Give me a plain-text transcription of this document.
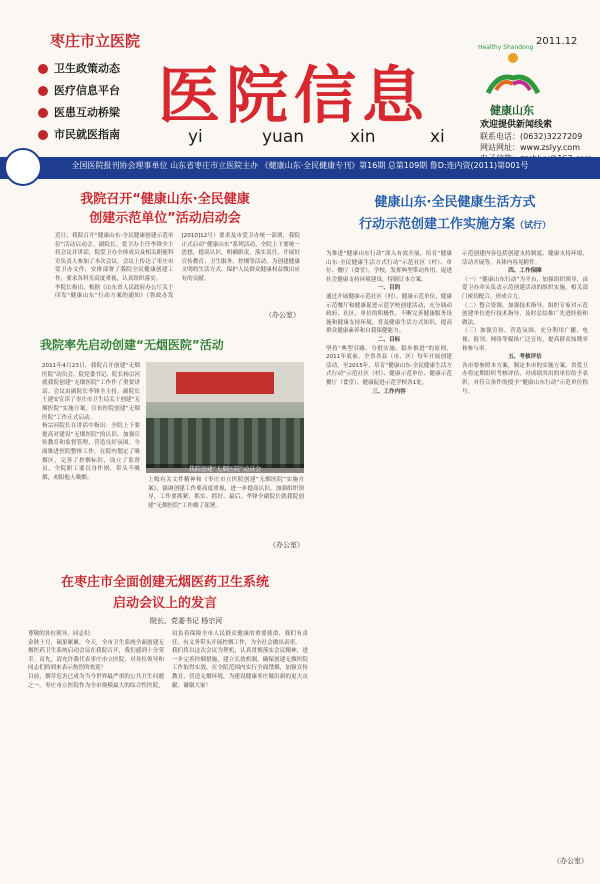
枣庄市立医院
卫生政策动态
医疗信息平台
医患互动桥梁
市民就医指南
医院信息
yi	yuan	xin	xi
2011.12
健康山东
Healthy Shandong
欢迎提供新闻线索
联系电话：(0632)3227209
网站网址：www.zslyy.com
全国医院报刊协会理事单位 山东省枣庄市立医院主办 《健康山东·全民健康专刊》第16期 总第109期 鲁D:连内资(2011)第001号
我院召开“健康山东·全民健康
创建示范单位”活动启动会

近日，我院召开“健康山东·全民健康创建示范单位”活动启动会。副院长、爱卫办主任李锋全主持会议并讲话。院爱卫办全体成员及相关职能科室负责人参加了本次会议。会议上传达了枣庄市爱卫办文件，安排部署了我院全民健康创建工作，要求各科室高度重视，认真组织落实。

李院长指出，根据《山东省人民政府办公厅关于印发“健康山东”行动方案的通知》（鲁政办发[2010]12号）要求及市爱卫办统一部署，我院正式启动“健康山东”系列活动。全院上下要统一思想，提高认识，明确职责，落实责任，开展好宣传教育、卫生服务、控烟等活动，为创建健康文明的生活方式、保护人民群众健康权益做出应有的贡献。

（办公室）
我院率先启动创建“无烟医院”活动

2011年4月23日，我院召开创建“无烟医院”动员会。院党委书记、院长杨宗河就我院创建“无烟医院”工作作了重要讲话。会议由副院长李锋全主持。副院长王建安宣读了枣庄市卫生局关于创建“无烟医院”实施方案，宣布医院创建“无烟医院”工作正式启动。

杨宗河院长在讲话中指出：全院上下要提高对建设“无烟医院”的认识，加强宣传教育和监督管理，营造良好氛围。全面推进医院整体工作，在院内划定了吸烟区，完善了控烟标识，设立了监督员，全院职工要以身作则，带头不吸烟，劝阻他人吸烟。

我院创建“无烟医院”动员会

上级有关文件精神和《枣庄市立医院创建“无烟医院”实施方案》，强调创建工作要高度重视，进一步提高认识，加强组织领导，工作要抓紧、抓实、抓好。最后，李锋全副院长就我院创建“无烟医院”工作做了部署。

（办公室）
在枣庄市全面创建无烟医药卫生系统
启动会议上的发言
院长、党委书记 杨宗河

尊敬的各位领导、同志们：

金秋十月，硕果累累。今天，全市卫生系统全面创建无烟医药卫生系统启动会议在我院召开，我们感到十分荣幸。首先，请允许我代表枣庄市立医院，对各位领导和同志们的到来表示热烈的欢迎！

目前，烟草危害已成为当今世界最严重的公共卫生问题之一。枣庄市立医院作为全市规模最大的综合性医院，肩负着保障全市人民群众健康的重要使命，我们有责任、有义务带头开展控烟工作，为全社会做出表率。

我们将以这次会议为契机，认真贯彻落实会议精神，进一步完善控烟措施，建立长效机制，确保创建无烟医院工作取得实效。在全院范围内实行全面禁烟，加强宣传教育，营造无烟环境，为建设健康枣庄做出新的更大贡献。谢谢大家！

健康山东·全民健康生活方式
行动示范创建工作实施方案（试行）

为推进“健康山东行动”深入有效开展，培育“健康山东·全民健康生活方式行动”示范社区（村）、单位、餐厅（食堂），学校，发挥典型带动作用，促进社会健康支持环境建设，特制订本方案。

一、目的

通过开展健康示范社区（村）、健康示范单位、健康示范餐厅和健康促进示范学校创建活动，充分调动政府、社区、单位的积极性，不断完善健康服务设施和健康支持环境，普及健康生活方式知识，提高群众健康素养和自我保健能力。

二、目标

坚持“典型引路、分批实施、稳步推进”的原则，2011年底前，全省各县（市、区）每年开展创建活动，至2015年，培育“健康山东·全民健康生活方式行动”示范社区（村）、健康示范单位、健康示范餐厅（食堂）、健康促进示范学校各1处。

三、工作内容

示范创建内容包括创建支持制度、健康支持环境、活动开展等，具体内容见附件。

四、工作保障

（一）“健康山东行动”为平台，加强组织领导，由爱卫办牵头负责示范创建活动的组织实施，相关部门密切配合，形成合力。

（二）整合资源，加强技术指导。组织专家对示范创建单位进行技术指导，及时总结推广先进经验和做法。

（三）加强宣传，营造氛围。充分利用广播、电视、报刊、网络等媒体广泛宣传，提高群众知晓率和参与率。

五、考核评估

各市要参照本方案，制定本市的实施方案。省爱卫办将定期组织考核评估，对成绩突出的单位给予表彰，对符合条件的授予“健康山东行动”示范单位称号。

（办公室）
